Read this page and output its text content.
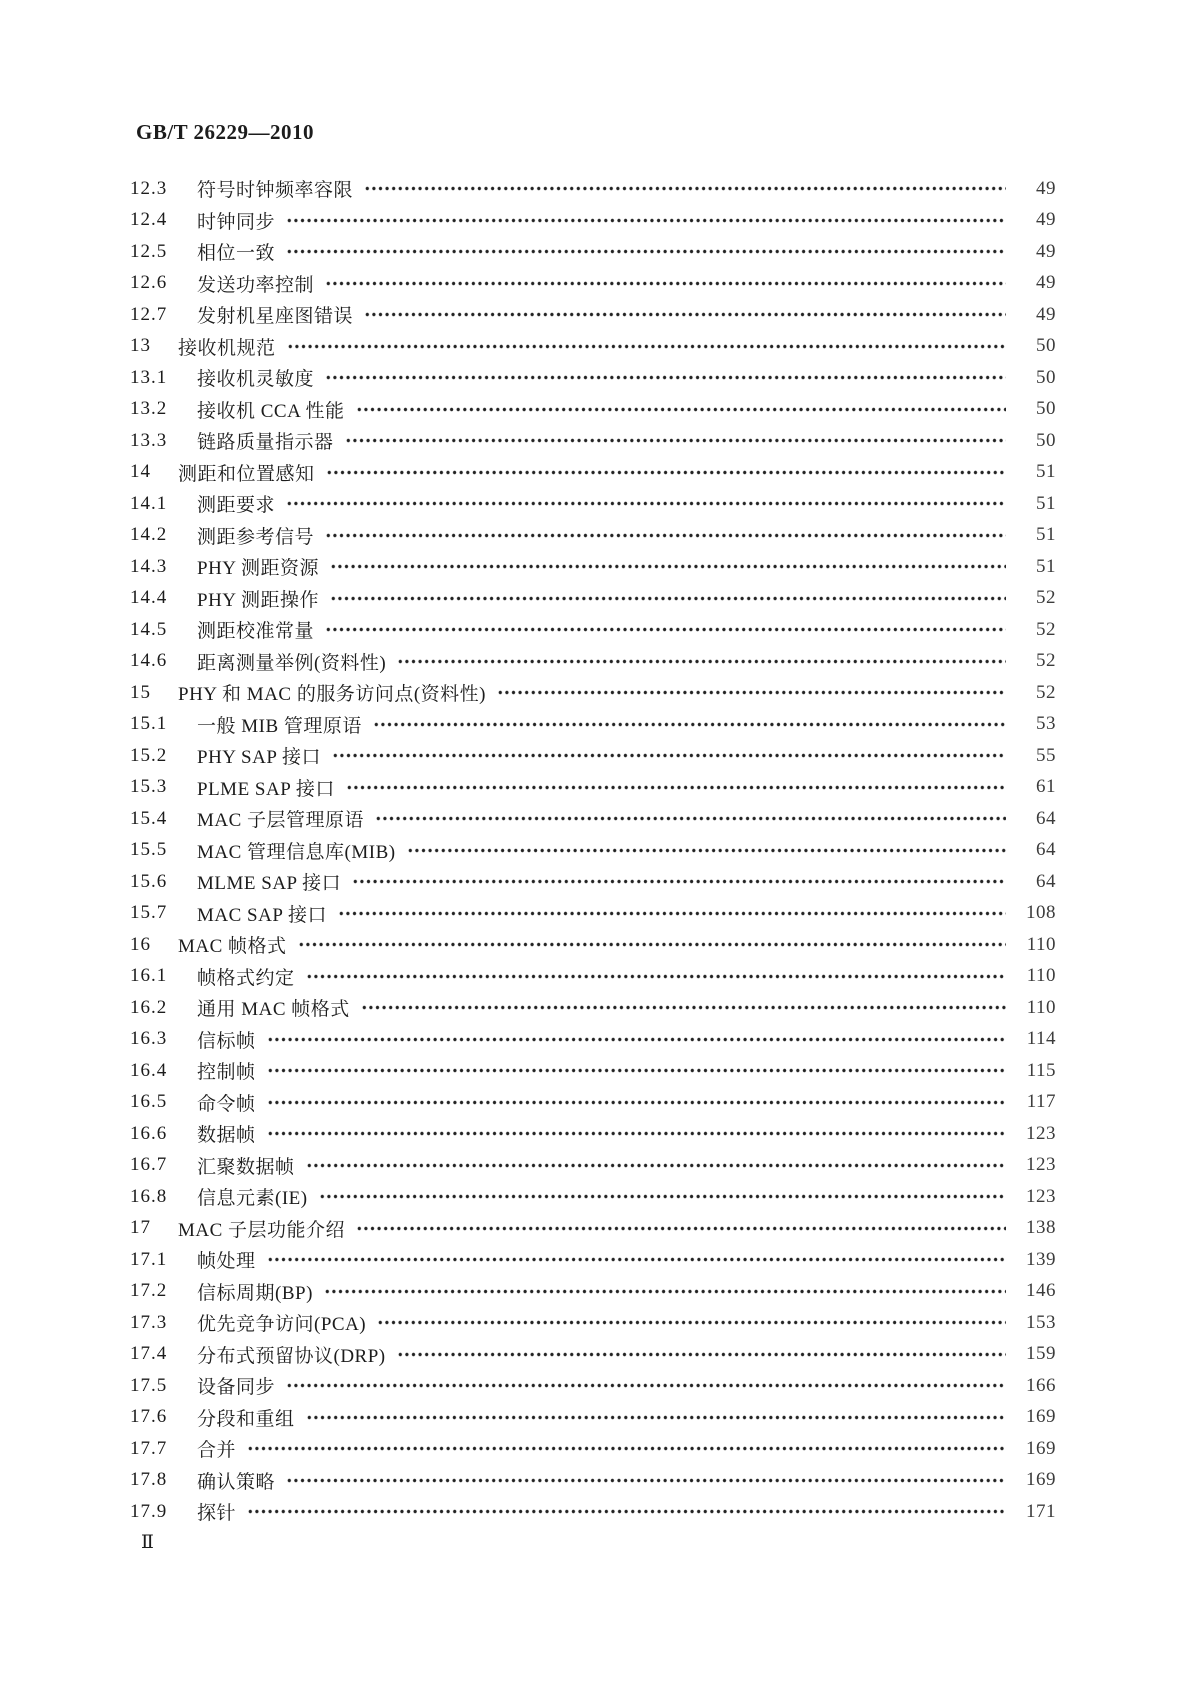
GB/T 26229—2010
12.3	符号时钟频率容限	49
12.4	时钟同步	49
12.5	相位一致	49
12.6	发送功率控制	49
12.7	发射机星座图错误	49
13	接收机规范	50
13.1	接收机灵敏度	50
13.2	接收机 CCA 性能	50
13.3	链路质量指示器	50
14	测距和位置感知	51
14.1	测距要求	51
14.2	测距参考信号	51
14.3	PHY 测距资源	51
14.4	PHY 测距操作	52
14.5	测距校准常量	52
14.6	距离测量举例(资料性)	52
15	PHY 和 MAC 的服务访问点(资料性)	52
15.1	一般 MIB 管理原语	53
15.2	PHY SAP 接口	55
15.3	PLME SAP 接口	61
15.4	MAC 子层管理原语	64
15.5	MAC 管理信息库(MIB)	64
15.6	MLME SAP 接口	64
15.7	MAC SAP 接口	108
16	MAC 帧格式	110
16.1	帧格式约定	110
16.2	通用 MAC 帧格式	110
16.3	信标帧	114
16.4	控制帧	115
16.5	命令帧	117
16.6	数据帧	123
16.7	汇聚数据帧	123
16.8	信息元素(IE)	123
17	MAC 子层功能介绍	138
17.1	帧处理	139
17.2	信标周期(BP)	146
17.3	优先竞争访问(PCA)	153
17.4	分布式预留协议(DRP)	159
17.5	设备同步	166
17.6	分段和重组	169
17.7	合并	169
17.8	确认策略	169
17.9	探针	171
Ⅱ
